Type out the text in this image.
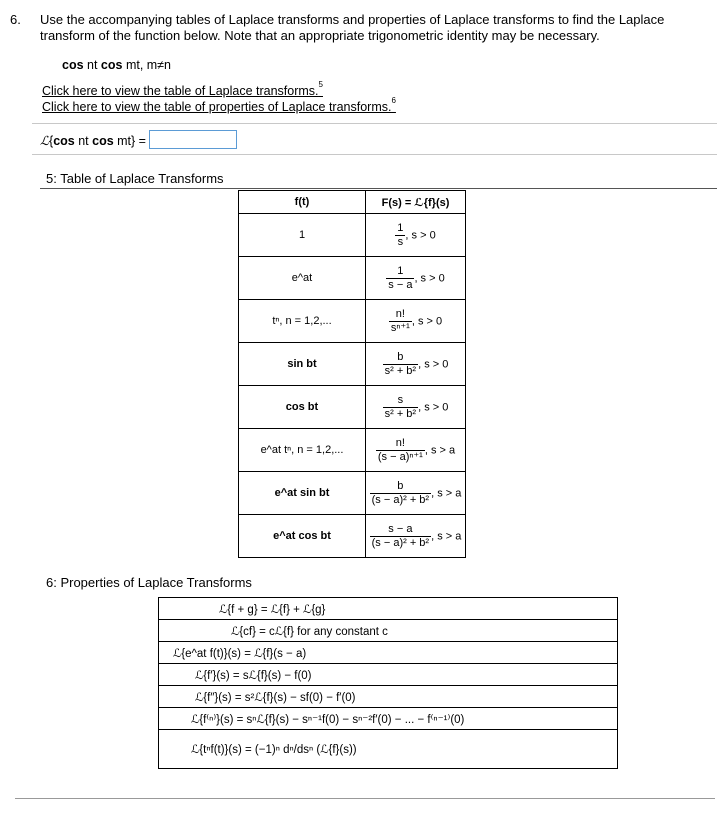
6. Use the accompanying tables of Laplace transforms and properties of Laplace transforms to find the Laplace transform of the function below. Note that an appropriate trigonometric identity may be necessary.
cos nt cos mt, m≠n
Click here to view the table of Laplace transforms.$^5$
Click here to view the table of properties of Laplace transforms.$^6$
ℒ{cos nt cos mt} =
5: Table of Laplace Transforms
f(t)	F(s) = ℒ{f}(s)
1	$\frac{1}{s}$ , s > 0
e^at	$\frac{1}{s - a}$ , s > 0
tⁿ, n = 1,2,...	$\frac{n!}{\text{sⁿ⁺¹}}$ , s > 0
sin bt	$\frac{b}{\text{s² + b²}}$ , s > 0
cos bt	$\frac{s}{\text{s² + b²}}$ , s > 0
e^at tⁿ, n = 1,2,...	$\frac{n!}{\text{(s − a)ⁿ⁺¹}}$ , s > a
e^at sin bt	$\frac{b}{\text{(s − a)² + b²}}$ , s > a
e^at cos bt	$\frac{s - a}{\text{(s − a)² + b²}}$ , s > a
6: Properties of Laplace Transforms
ℒ{f + g} = ℒ{f} + ℒ{g}
ℒ{cf} = cℒ{f} for any constant c
ℒ{e^at f(t)}(s) = ℒ{f}(s − a)
ℒ{f′}(s) = sℒ{f}(s) − f(0)
ℒ{f″}(s) = s²ℒ{f}(s) − sf(0) − f′(0)
ℒ{f⁽ⁿ⁾}(s) = sⁿℒ{f}(s) − sⁿ⁻¹f(0) − sⁿ⁻²f′(0) − ... − f⁽ⁿ⁻¹⁾(0)
ℒ{tⁿf(t)}(s) = (−1)ⁿ dⁿ/dsⁿ (ℒ{f}(s))
